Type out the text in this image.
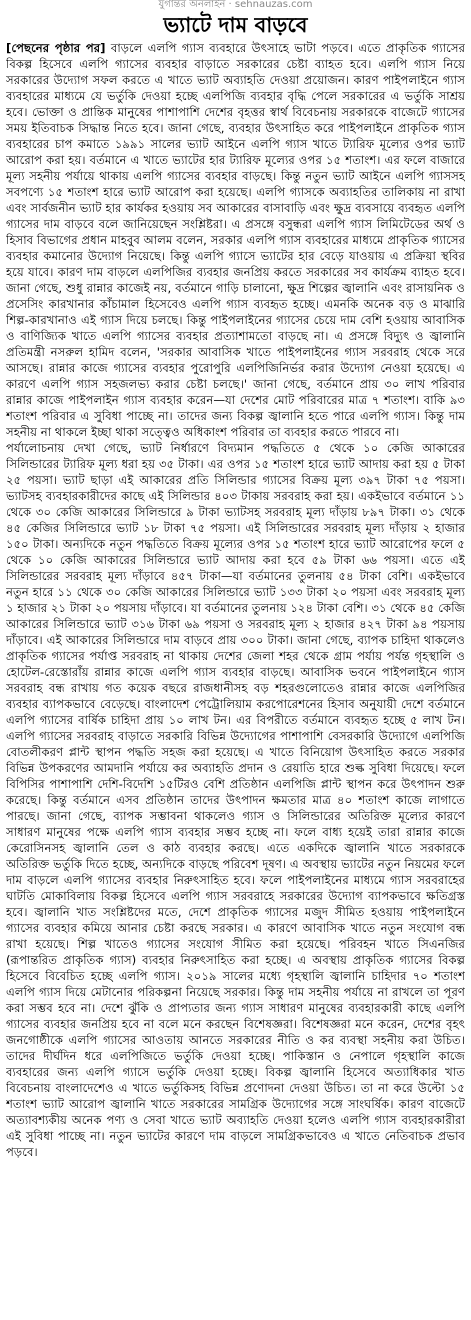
যুগান্তর অনলাইন · sehnauzas.com
ভ্যাটে দাম বাড়বে

[পেছনের পৃষ্ঠার পর] বাড়লে এলপি গ্যাস ব্যবহারে উৎসাহে ভাটা পড়বে। এতে প্রাকৃতিক গ্যাসের বিকল্প হিসেবে এলপি গ্যাসের ব্যবহার বাড়াতে সরকারের চেষ্টা ব্যাহত হবে। এলপি গ্যাস নিয়ে সরকারের উদ্যোগ সফল করতে এ খাতে ভ্যাট অব্যাহতি দেওয়া প্রয়োজন। কারণ পাইপলাইনে গ্যাস ব্যবহারের মাধ্যমে যে ভর্তুকি দেওয়া হচ্ছে এলপিজি ব্যবহার বৃদ্ধি পেলে সরকারের এ ভর্তুকি সাশ্রয় হবে। ভোক্তা ও প্রান্তিক মানুষের পাশাপাশি দেশের বৃহত্তর স্বার্থ বিবেচনায় সরকারকে বাজেটে গ্যাসের সময় ইতিবাচক সিদ্ধান্ত নিতে হবে। জানা গেছে, ব্যবহার উৎসাহিত করে পাইপলাইনে প্রাকৃতিক গ্যাস ব্যবহারের চাপ কমাতে ১৯৯১ সালের ভ্যাট আইনে এলপি গ্যাস খাতে ট্যারিফ মূল্যের ওপর ভ্যাট আরোপ করা হয়। বর্তমানে এ খাতে ভ্যাটের হার ট্যারিফ মূল্যের ওপর ১৫ শতাংশ। এর ফলে বাজারে মূল্য সহনীয় পর্যায়ে থাকায় এলপি গ্যাসের ব্যবহার বাড়ছে। কিন্তু নতুন ভ্যাট আইনে এলপি গ্যাসসহ সবপণ্যে ১৫ শতাংশ হারে ভ্যাট আরোপ করা হয়েছে। এলপি গ্যাসকে অব্যাহতির তালিকায় না রাখা এবং সার্বজনীন ভ্যাট হার কার্যকর হওয়ায় সব আকারের বাসাবাড়ি এবং ক্ষুদ্র ব্যবসায়ে ব্যবহৃত এলপি গ্যাসের দাম বাড়বে বলে জানিয়েছেন সংশ্লিষ্টরা। এ প্রসঙ্গে বসুন্ধরা এলপি গ্যাস লিমিটেডের অর্থ ও হিসাব বিভাগের প্রধান মাহবুব আলম বলেন, সরকার এলপি গ্যাস ব্যবহারের মাধ্যমে প্রাকৃতিক গ্যাসের ব্যবহার কমানোর উদ্যোগ নিয়েছে। কিন্তু এলপি গ্যাসে ভ্যাটের হার বেড়ে যাওয়ায় এ প্রক্রিয়া স্থবির হয়ে যাবে। কারণ দাম বাড়লে এলপিজির ব্যবহার জনপ্রিয় করতে সরকারের সব কার্যক্রম ব্যাহত হবে। জানা গেছে, শুধু রান্নার কাজেই নয়, বর্তমানে গাড়ি চালানো, ক্ষুদ্র শিল্পের জ্বালানি এবং রাসায়নিক ও প্রসেসিং কারখানার কাঁচামাল হিসেবেও এলপি গ্যাস ব্যবহৃত হচ্ছে। এমনকি অনেক বড় ও মাঝারি শিল্প-কারখানাও এই গ্যাস দিয়ে চলছে। কিন্তু পাইপলাইনের গ্যাসের চেয়ে দাম বেশি হওয়ায় আবাসিক ও বাণিজ্যিক খাতে এলপি গ্যাসের ব্যবহার প্রত্যাশামতো বাড়ছে না। এ প্রসঙ্গে বিদ্যুৎ ও জ্বালানি প্রতিমন্ত্রী নসরুল হামিদ বলেন, 'সরকার আবাসিক খাতে পাইপলাইনের গ্যাস সরবরাহ থেকে সরে আসছে। রান্নার কাজে গ্যাসের ব্যবহার পুরোপুরি এলপিজিনির্ভর করার উদ্যোগ নেওয়া হয়েছে। এ কারণে এলপি গ্যাস সহজলভ্য করার চেষ্টা চলছে।' জানা গেছে, বর্তমানে প্রায় ৩০ লাখ পরিবার রান্নার কাজে পাইপলাইন গ্যাস ব্যবহার করেন—যা দেশের মোট পরিবারের মাত্র ৭ শতাংশ। বাকি ৯৩ শতাংশ পরিবার এ সুবিধা পাচ্ছে না। তাদের জন্য বিকল্প জ্বালানি হতে পারে এলপি গ্যাস। কিন্তু দাম সহনীয় না থাকলে ইচ্ছা থাকা সত্ত্বেও অধিকাংশ পরিবার তা ব্যবহার করতে পারবে না।

পর্যালোচনায় দেখা গেছে, ভ্যাট নির্ধারণে বিদ্যমান পদ্ধতিতে ৫ থেকে ১০ কেজি আকারের সিলিন্ডারের ট্যারিফ মূল্য ধরা হয় ৩৫ টাকা। এর ওপর ১৫ শতাংশ হারে ভ্যাট আদায় করা হয় ৫ টাকা ২৫ পয়সা। ভ্যাট ছাড়া এই আকারের প্রতি সিলিন্ডার গ্যাসের বিক্রয় মূল্য ৩৯৭ টাকা ৭৫ পয়সা। ভ্যাটসহ ব্যবহারকারীদের কাছে এই সিলিন্ডার ৪০৩ টাকায় সরবরাহ করা হয়। একইভাবে বর্তমানে ১১ থেকে ৩০ কেজি আকারের সিলিন্ডারে ৯ টাকা ভ্যাটসহ সরবরাহ মূল্য দাঁড়ায় ৮৯৭ টাকা। ৩১ থেকে ৪৫ কেজির সিলিন্ডারে ভ্যাট ১৮ টাকা ৭৫ পয়সা। এই সিলিন্ডারের সরবরাহ মূল্য দাঁড়ায় ২ হাজার ১৫০ টাকা। অন্যদিকে নতুন পদ্ধতিতে বিক্রয় মূল্যের ওপর ১৫ শতাংশ হারে ভ্যাট আরোপের ফলে ৫ থেকে ১০ কেজি আকারের সিলিন্ডারে ভ্যাট আদায় করা হবে ৫৯ টাকা ৬৬ পয়সা। এতে এই সিলিন্ডারের সরবরাহ মূল্য দাঁড়াবে ৪৫৭ টাকা—যা বর্তমানের তুলনায় ৫৪ টাকা বেশি। একইভাবে নতুন হারে ১১ থেকে ৩০ কেজি আকারের সিলিন্ডারে ভ্যাট ১৩৩ টাকা ২০ পয়সা এবং সরবরাহ মূল্য ১ হাজার ২১ টাকা ২০ পয়সায় দাঁড়াবে। যা বর্তমানের তুলনায় ১২৪ টাকা বেশি। ৩১ থেকে ৪৫ কেজি আকারের সিলিন্ডারে ভ্যাট ৩১৬ টাকা ৬৯ পয়সা ও সরবরাহ মূল্য ২ হাজার ৪২৭ টাকা ৯৪ পয়সায় দাঁড়াবে। এই আকারের সিলিন্ডারে দাম বাড়বে প্রায় ৩০০ টাকা। জানা গেছে, ব্যাপক চাহিদা থাকলেও প্রাকৃতিক গ্যাসের পর্যাপ্ত সরবরাহ না থাকায় দেশের জেলা শহর থেকে গ্রাম পর্যায় পর্যন্ত গৃহস্থালি ও হোটেল-রেস্তোরাঁয় রান্নার কাজে এলপি গ্যাস ব্যবহার বাড়ছে। আবাসিক ভবনে পাইপলাইনে গ্যাস সরবরাহ বন্ধ রাখায় গত কয়েক বছরে রাজধানীসহ বড় শহরগুলোতেও রান্নার কাজে এলপিজির ব্যবহার ব্যাপকভাবে বেড়েছে। বাংলাদেশ পেট্রোলিয়াম করপোরেশনের হিসাব অনুযায়ী দেশে বর্তমানে এলপি গ্যাসের বার্ষিক চাহিদা প্রায় ১০ লাখ টন। এর বিপরীতে বর্তমানে ব্যবহৃত হচ্ছে ৫ লাখ টন। এলপি গ্যাসের সরবরাহ বাড়াতে সরকারি বিভিন্ন উদ্যোগের পাশাপাশি বেসরকারি উদ্যোগে এলপিজি বোতলীকরণ প্লান্ট স্থাপন পদ্ধতি সহজ করা হয়েছে। এ খাতে বিনিয়োগ উৎসাহিত করতে সরকার বিভিন্ন উপকরণের আমদানি পর্যায়ে কর অব্যাহতি প্রদান ও রেয়াতি হারে শুল্ক সুবিধা দিয়েছে। ফলে বিপিসির পাশাপাশি দেশি-বিদেশি ১৫টিরও বেশি প্রতিষ্ঠান এলপিজি প্লান্ট স্থাপন করে উৎপাদন শুরু করেছে। কিন্তু বর্তমানে এসব প্রতিষ্ঠান তাদের উৎপাদন ক্ষমতার মাত্র ৪০ শতাংশ কাজে লাগাতে পারছে। জানা গেছে, ব্যাপক সম্ভাবনা থাকলেও গ্যাস ও সিলিন্ডারের অতিরিক্ত মূল্যের কারণে সাধারণ মানুষের পক্ষে এলপি গ্যাস ব্যবহার সম্ভব হচ্ছে না। ফলে বাধ্য হয়েই তারা রান্নার কাজে কেরোসিনসহ জ্বালানি তেল ও কাঠ ব্যবহার করছে। এতে একদিকে জ্বালানি খাতে সরকারকে অতিরিক্ত ভর্তুকি দিতে হচ্ছে, অন্যদিকে বাড়ছে পরিবেশ দূষণ। এ অবস্থায় ভ্যাটের নতুন নিয়মের ফলে দাম বাড়লে এলপি গ্যাসের ব্যবহার নিরুৎসাহিত হবে। ফলে পাইপলাইনের মাধ্যমে গ্যাস সরবরাহের ঘাটতি মোকাবিলায় বিকল্প হিসেবে এলপি গ্যাস সরবরাহে সরকারের উদ্যোগ ব্যাপকভাবে ক্ষতিগ্রস্ত হবে। জ্বালানি খাত সংশ্লিষ্টদের মতে, দেশে প্রাকৃতিক গ্যাসের মজুদ সীমিত হওয়ায় পাইপলাইনে গ্যাসের ব্যবহার কমিয়ে আনার চেষ্টা করছে সরকার। এ কারণে আবাসিক খাতে নতুন সংযোগ বন্ধ রাখা হয়েছে। শিল্প খাতেও গ্যাসের সংযোগ সীমিত করা হয়েছে। পরিবহন খাতে সিএনজির (রূপান্তরিত প্রাকৃতিক গ্যাস) ব্যবহার নিরুৎসাহিত করা হচ্ছে। এ অবস্থায় প্রাকৃতিক গ্যাসের বিকল্প হিসেবে বিবেচিত হচ্ছে এলপি গ্যাস। ২০১৯ সালের মধ্যে গৃহস্থালি জ্বালানি চাহিদার ৭০ শতাংশ এলপি গ্যাস দিয়ে মেটানোর পরিকল্পনা নিয়েছে সরকার। কিন্তু দাম সহনীয় পর্যায়ে না রাখলে তা পূরণ করা সম্ভব হবে না। দেশে ঝুঁকি ও প্রাপ্যতার জন্য গ্যাস সাধারণ মানুষের ব্যবহারকারী কাছে এলপি গ্যাসের ব্যবহার জনপ্রিয় হবে না বলে মনে করছেন বিশেষজ্ঞরা। বিশেষজ্ঞরা মনে করেন, দেশের বৃহৎ জনগোষ্ঠীকে এলপি গ্যাসের আওতায় আনতে সরকারের নীতি ও কর ব্যবস্থা সহনীয় করা উচিত। তাদের দীর্ঘদিন ধরে এলপিজিতে ভর্তুকি দেওয়া হচ্ছে। পাকিস্তান ও নেপালে গৃহস্থালি কাজে ব্যবহারের জন্য এলপি গ্যাসে ভর্তুকি দেওয়া হচ্ছে। বিকল্প জ্বালানি হিসেবে অত্যাধিকার খাত বিবেচনায় বাংলাদেশেও এ খাতে ভর্তুকিসহ বিভিন্ন প্রণোদনা দেওয়া উচিত। তা না করে উল্টো ১৫ শতাংশ ভ্যাট আরোপ জ্বালানি খাতে সরকারের সামগ্রিক উদ্যোগের সঙ্গে সাংঘর্ষিক। কারণ বাজেটে অত্যাবশ্যকীয় অনেক পণ্য ও সেবা খাতে ভ্যাট অব্যাহতি দেওয়া হলেও এলপি গ্যাস ব্যবহারকারীরা এই সুবিধা পাচ্ছে না। নতুন ভ্যাটের কারণে দাম বাড়লে সামগ্রিকভাবেও এ খাতে নেতিবাচক প্রভাব পড়বে।
